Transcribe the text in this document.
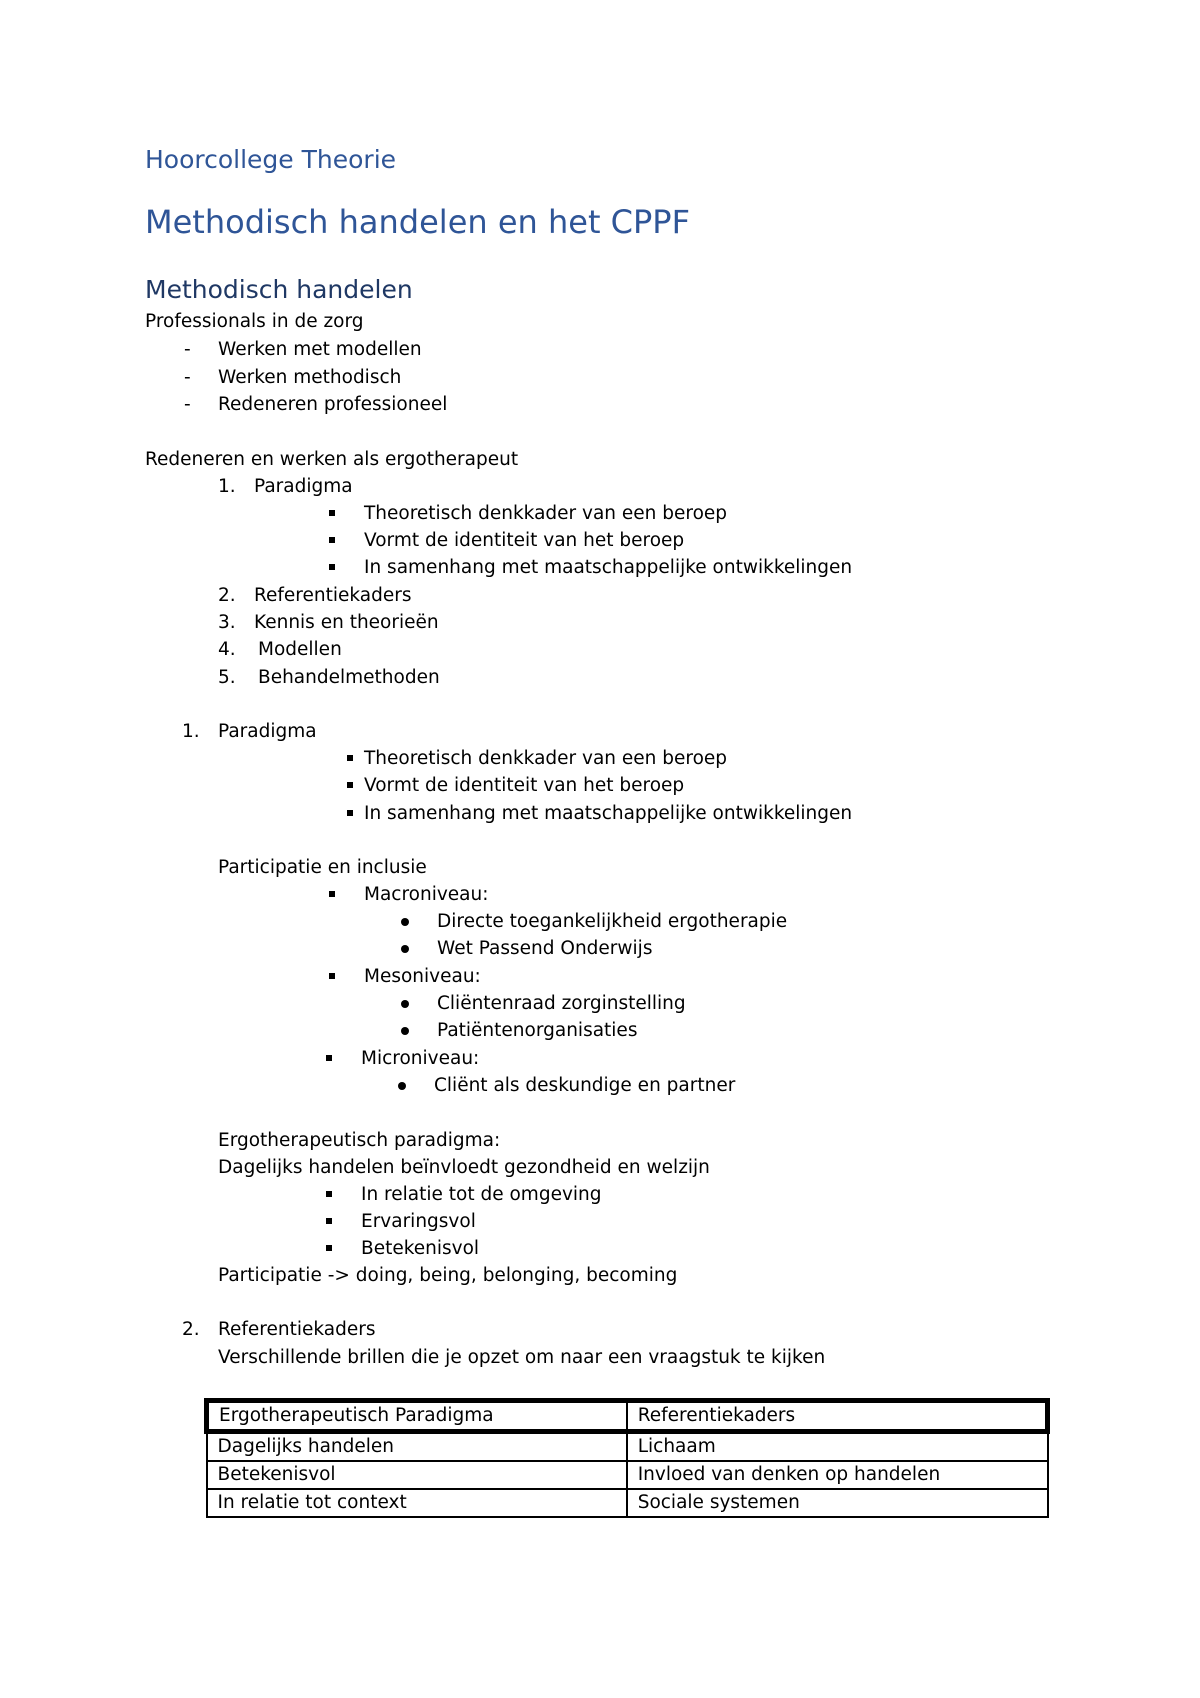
Hoorcollege Theorie
Methodisch handelen en het CPPF
Methodisch handelen

Professionals in de zorg

- Werken met modellen

- Werken methodisch

- Redeneren professioneel

Redeneren en werken als ergotherapeut

1. Paradigma

Theoretisch denkkader van een beroep

Vormt de identiteit van het beroep

In samenhang met maatschappelijke ontwikkelingen

2. Referentiekaders

3. Kennis en theorieën

4. Modellen

5. Behandelmethoden

1. Paradigma

Theoretisch denkkader van een beroep

Vormt de identiteit van het beroep

In samenhang met maatschappelijke ontwikkelingen

Participatie en inclusie

Macroniveau:

Directe toegankelijkheid ergotherapie

Wet Passend Onderwijs

Mesoniveau:

Cliëntenraad zorginstelling

Patiëntenorganisaties

Microniveau:

Cliënt als deskundige en partner

Ergotherapeutisch paradigma:

Dagelijks handelen beïnvloedt gezondheid en welzijn

In relatie tot de omgeving

Ervaringsvol

Betekenisvol

Participatie -> doing, being, belonging, becoming

2. Referentiekaders

Verschillende brillen die je opzet om naar een vraagstuk te kijken

Ergotherapeutisch Paradigma	Referentiekaders
Dagelijks handelen	Lichaam
Betekenisvol	Invloed van denken op handelen
In relatie tot context	Sociale systemen
